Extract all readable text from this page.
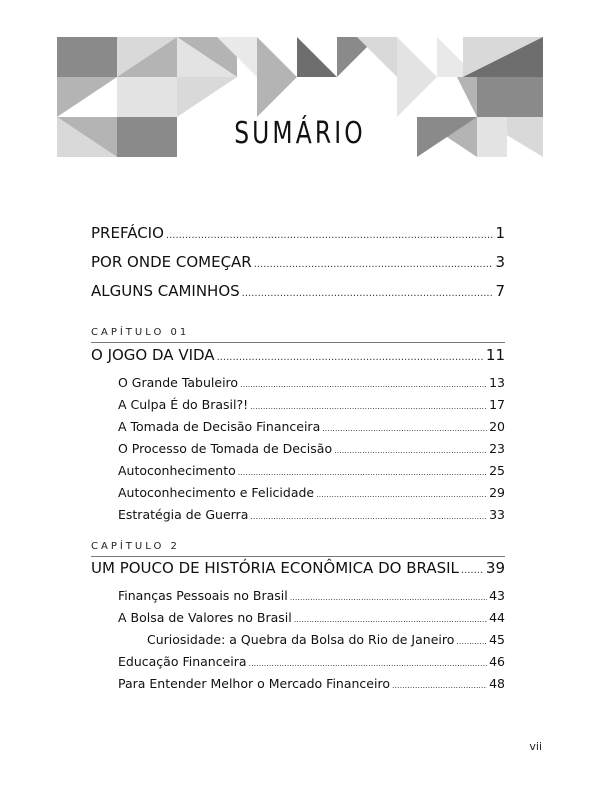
SUMÁRIO
PREFÁCIO .....	1
POR ONDE COMEÇAR .....	3
ALGUNS CAMINHOS .....	7
CAPÍTULO 01
O JOGO DA VIDA .....	11
O Grande Tabuleiro .....	13
A Culpa É do Brasil?! .....	17
A Tomada de Decisão Financeira .....	20
O Processo de Tomada de Decisão .....	23
Autoconhecimento .....	25
Autoconhecimento e Felicidade .....	29
Estratégia de Guerra .....	33
CAPÍTULO 2
UM POUCO DE HISTÓRIA ECONÔMICA DO BRASIL ..... 39
Finanças Pessoais no Brasil .....	43
A Bolsa de Valores no Brasil .....	44
Curiosidade: a Quebra da Bolsa do Rio de Janeiro .....	45
Educação Financeira .....	46
Para Entender Melhor o Mercado Financeiro .....	48
vii
